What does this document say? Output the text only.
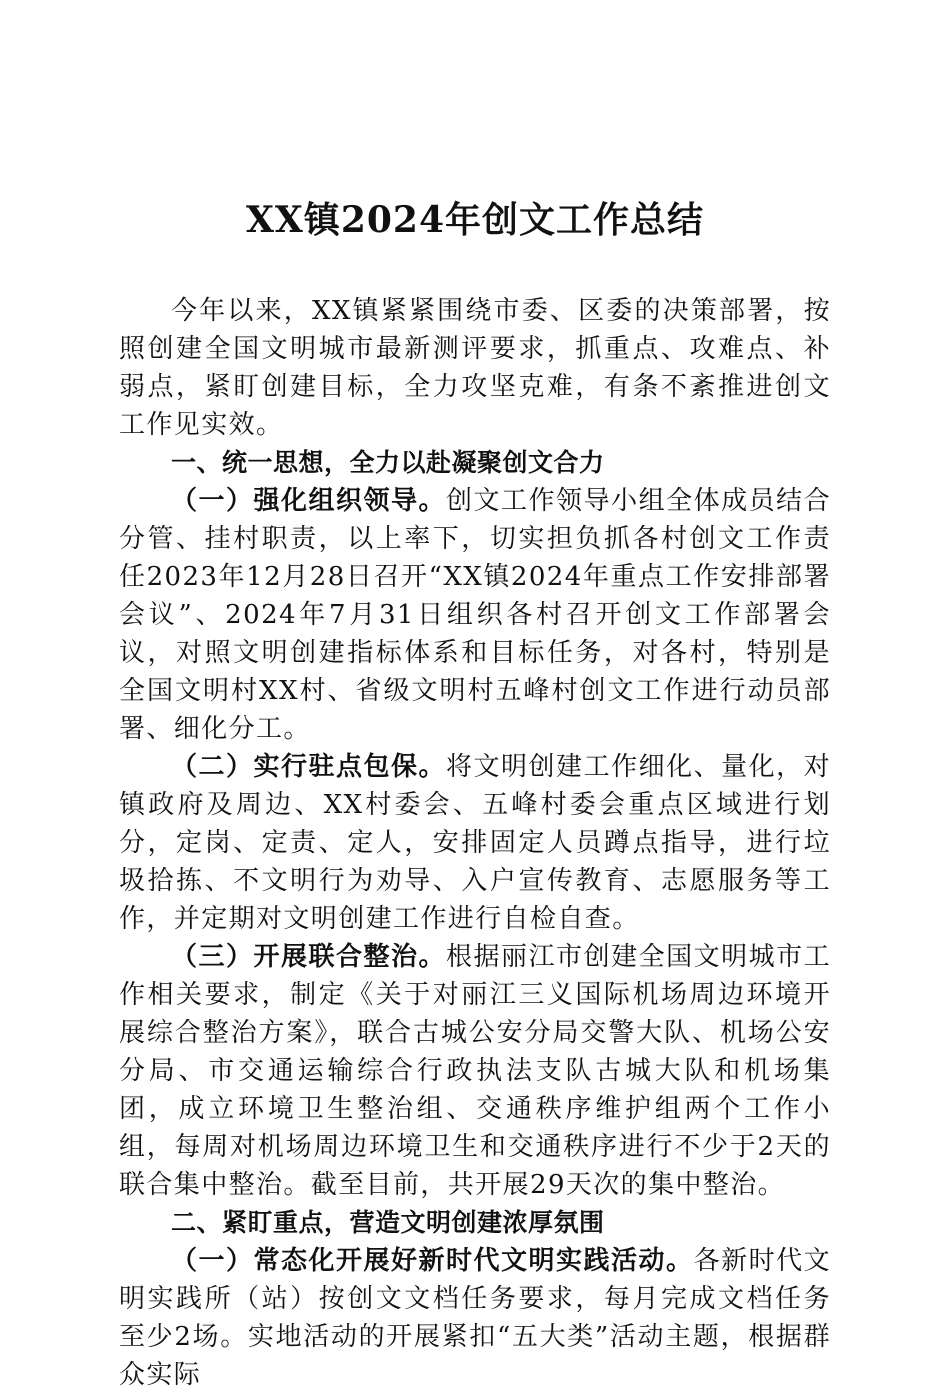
XX镇2024年创文工作总结

今年以来，XX镇紧紧围绕市委、区委的决策部署，按照创建全国文明城市最新测评要求，抓重点、攻难点、补弱点，紧盯创建目标，全力攻坚克难，有条不紊推进创文工作见实效。

一、统一思想，全力以赴凝聚创文合力

（一）强化组织领导。创文工作领导小组全体成员结合分管、挂村职责，以上率下，切实担负抓各村创文工作责任2023年12月28日召开“XX镇2024年重点工作安排部署会议”、2024年7月31日组织各村召开创文工作部署会议，对照文明创建指标体系和目标任务，对各村，特别是全国文明村XX村、省级文明村五峰村创文工作进行动员部署、细化分工。

（二）实行驻点包保。将文明创建工作细化、量化，对镇政府及周边、XX村委会、五峰村委会重点区域进行划分，定岗、定责、定人，安排固定人员蹲点指导，进行垃圾拾拣、不文明行为劝导、入户宣传教育、志愿服务等工作，并定期对文明创建工作进行自检自查。

（三）开展联合整治。根据丽江市创建全国文明城市工作相关要求，制定《关于对丽江三义国际机场周边环境开展综合整治方案》，联合古城公安分局交警大队、机场公安分局、市交通运输综合行政执法支队古城大队和机场集团，成立环境卫生整治组、交通秩序维护组两个工作小组，每周对机场周边环境卫生和交通秩序进行不少于2天的联合集中整治。截至目前，共开展29天次的集中整治。

二、紧盯重点，营造文明创建浓厚氛围

（一）常态化开展好新时代文明实践活动。各新时代文明实践所（站）按创文文档任务要求，每月完成文档任务至少2场。实地活动的开展紧扣“五大类”活动主题，根据群众实际
